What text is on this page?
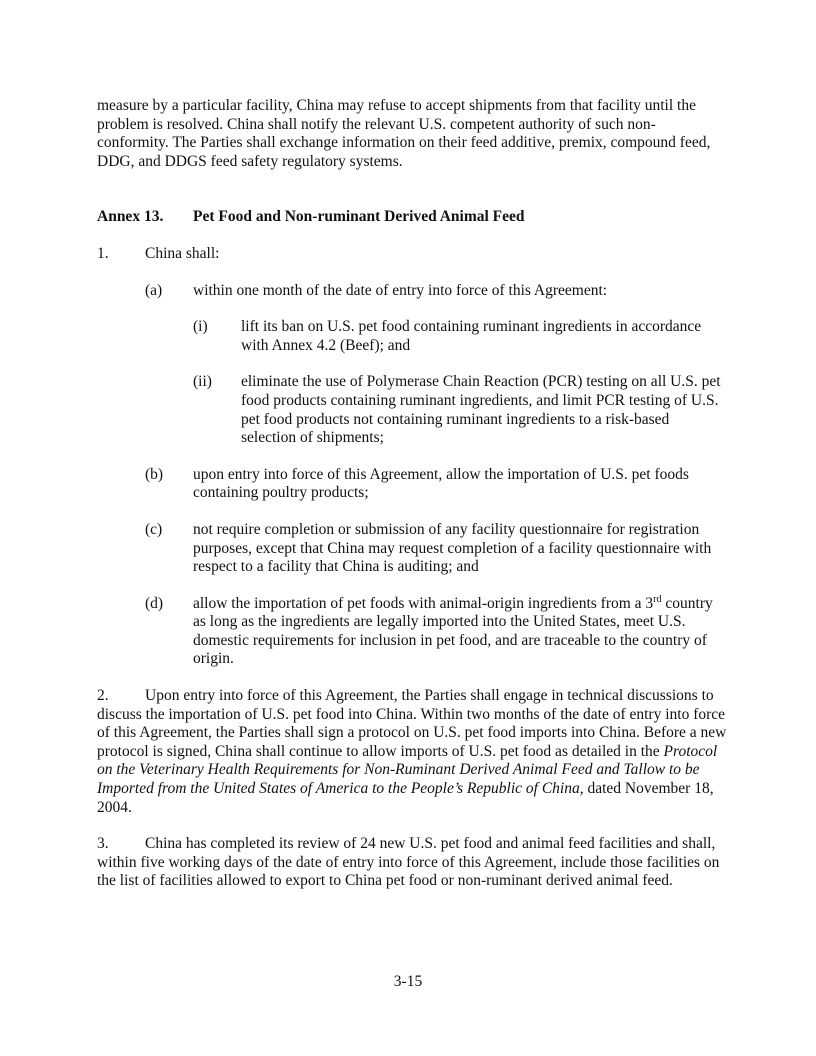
measure by a particular facility, China may refuse to accept shipments from that facility until the problem is resolved. China shall notify the relevant U.S. competent authority of such non-conformity. The Parties shall exchange information on their feed additive, premix, compound feed, DDG, and DDGS feed safety regulatory systems.

Annex 13.	Pet Food and Non-ruminant Derived Animal Feed
1.	China shall:
(a)	within one month of the date of entry into force of this Agreement:
(i)	lift its ban on U.S. pet food containing ruminant ingredients in accordance with Annex 4.2 (Beef); and
(ii)	eliminate the use of Polymerase Chain Reaction (PCR) testing on all U.S. pet food products containing ruminant ingredients, and limit PCR testing of U.S. pet food products not containing ruminant ingredients to a risk-based selection of shipments;
(b)	upon entry into force of this Agreement, allow the importation of U.S. pet foods containing poultry products;
(c)	not require completion or submission of any facility questionnaire for registration purposes, except that China may request completion of a facility questionnaire with respect to a facility that China is auditing; and
(d)	allow the importation of pet foods with animal-origin ingredients from a 3rd country as long as the ingredients are legally imported into the United States, meet U.S. domestic requirements for inclusion in pet food, and are traceable to the country of origin.

2. Upon entry into force of this Agreement, the Parties shall engage in technical discussions to discuss the importation of U.S. pet food into China. Within two months of the date of entry into force of this Agreement, the Parties shall sign a protocol on U.S. pet food imports into China. Before a new protocol is signed, China shall continue to allow imports of U.S. pet food as detailed in the Protocol on the Veterinary Health Requirements for Non-Ruminant Derived Animal Feed and Tallow to be Imported from the United States of America to the People’s Republic of China, dated November 18, 2004.

3. China has completed its review of 24 new U.S. pet food and animal feed facilities and shall, within five working days of the date of entry into force of this Agreement, include those facilities on the list of facilities allowed to export to China pet food or non-ruminant derived animal feed.

3-15
